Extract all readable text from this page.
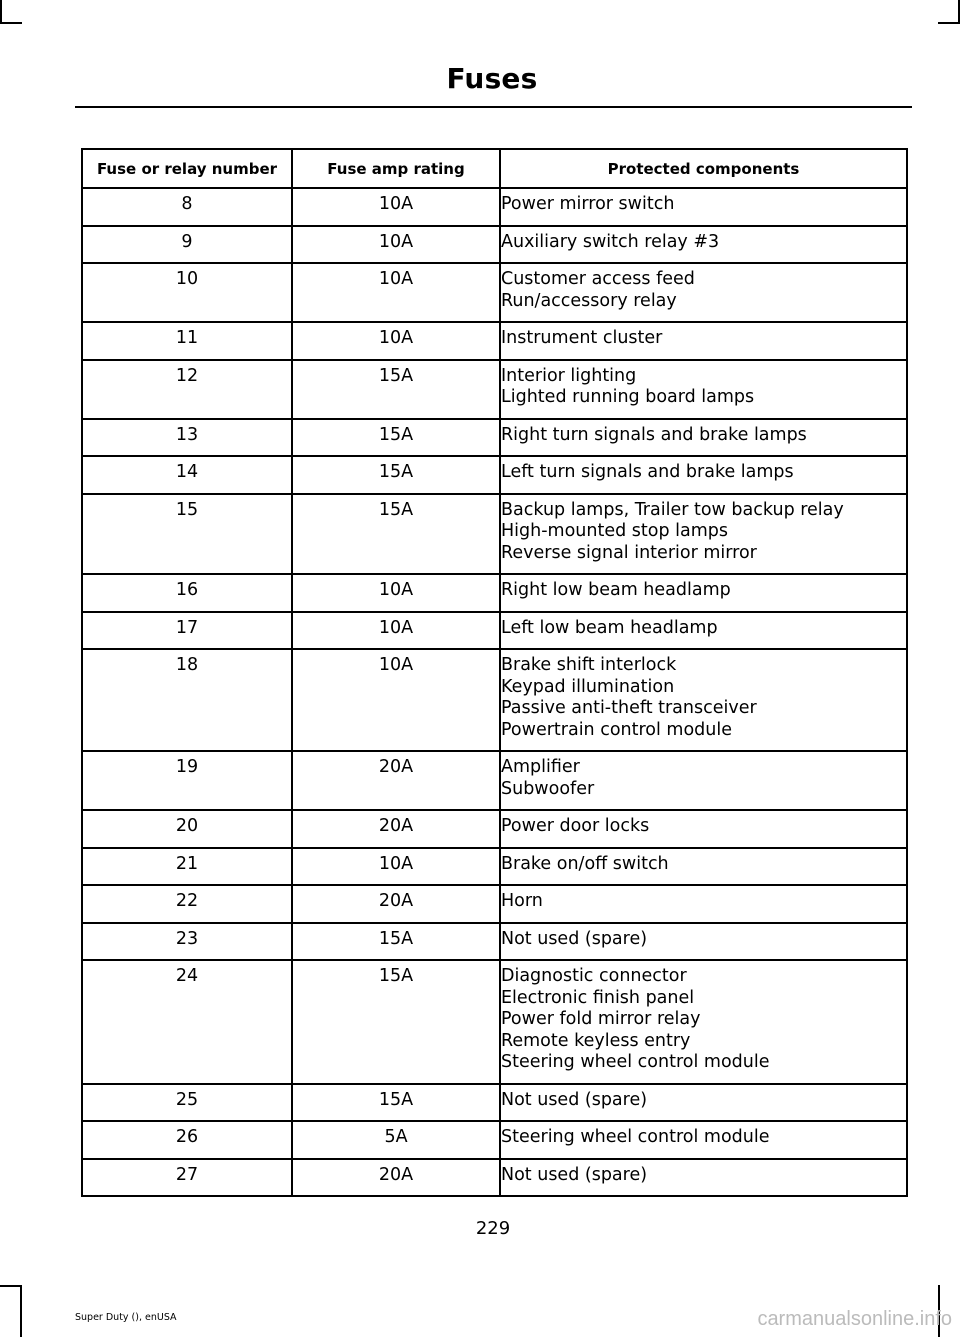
Fuses
Fuse or relay number	Fuse amp rating	Protected components
8	10A	Power mirror switch

9	10A	Auxiliary switch relay #3

10	10A	Customer access feed
Run/accessory relay

11	10A	Instrument cluster

12	15A	Interior lighting
Lighted running board lamps

13	15A	Right turn signals and brake lamps

14	15A	Left turn signals and brake lamps

15	15A	Backup lamps, Trailer tow backup relay
High-mounted stop lamps
Reverse signal interior mirror

16	10A	Right low beam headlamp

17	10A	Left low beam headlamp

18	10A	Brake shift interlock
Keypad illumination
Passive anti-theft transceiver
Powertrain control module

19	20A	Amplifier
Subwoofer

20	20A	Power door locks

21	10A	Brake on/off switch

22	20A	Horn

23	15A	Not used (spare)

24	15A	Diagnostic connector
Electronic finish panel
Power fold mirror relay
Remote keyless entry
Steering wheel control module

25	15A	Not used (spare)

26	5A	Steering wheel control module

27	20A	Not used (spare)
229
Super Duty (), enUSA	carmanualsonline.info
